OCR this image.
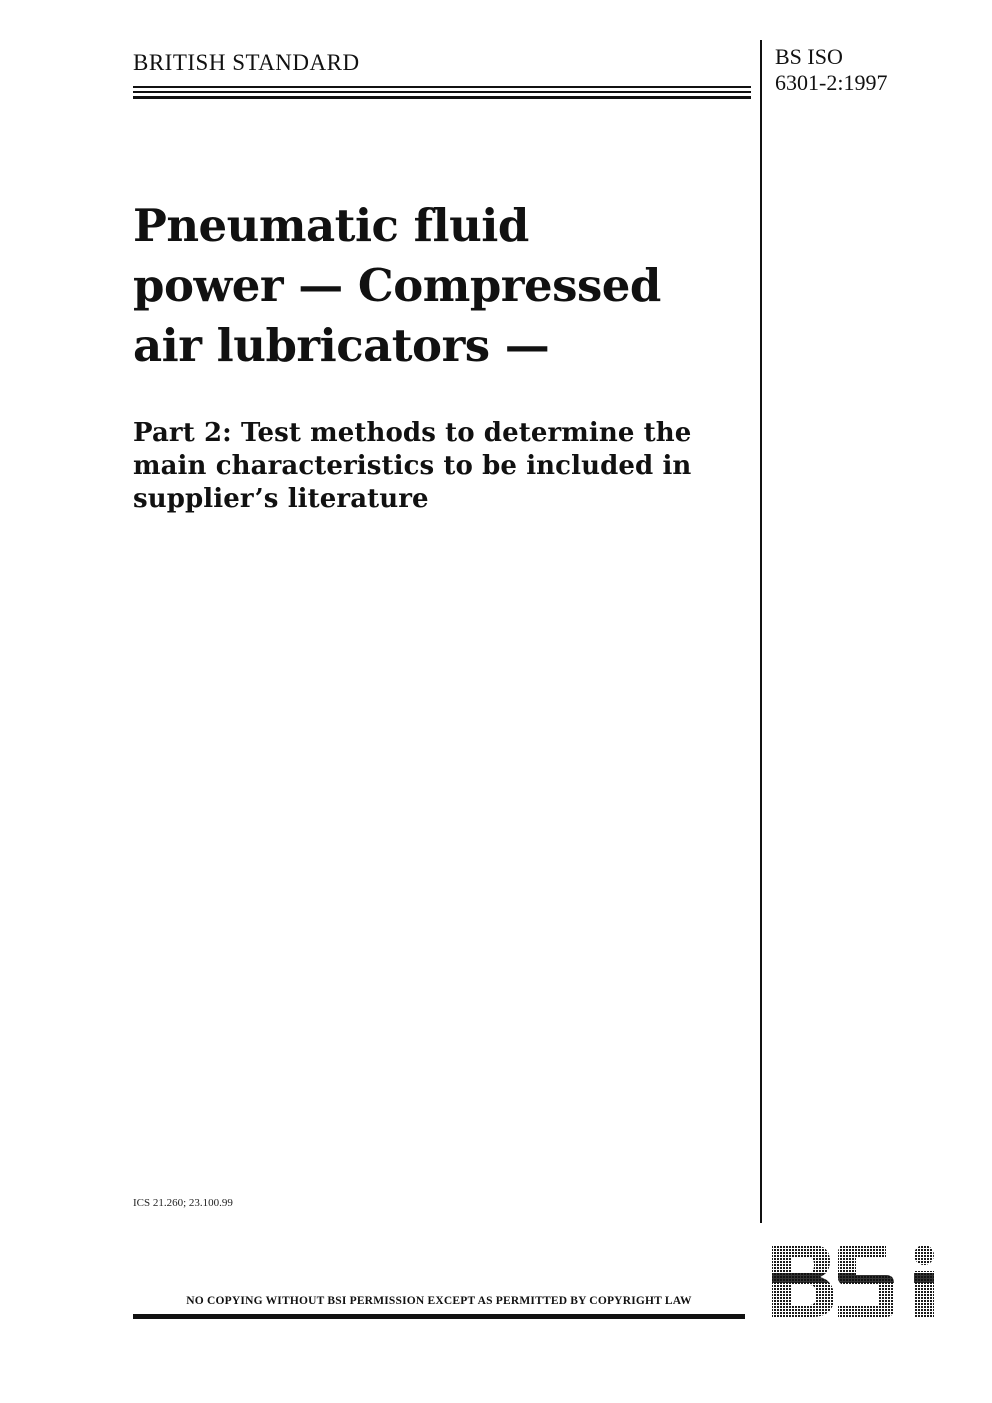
BRITISH STANDARD	BS ISO
6301-2:1997
Pneumatic fluid
power — Compressed
air lubricators —
Part 2: Test methods to determine the
main characteristics to be included in
supplier’s literature
ICS 21.260; 23.100.99
NO COPYING WITHOUT BSI PERMISSION EXCEPT AS PERMITTED BY COPYRIGHT LAW
